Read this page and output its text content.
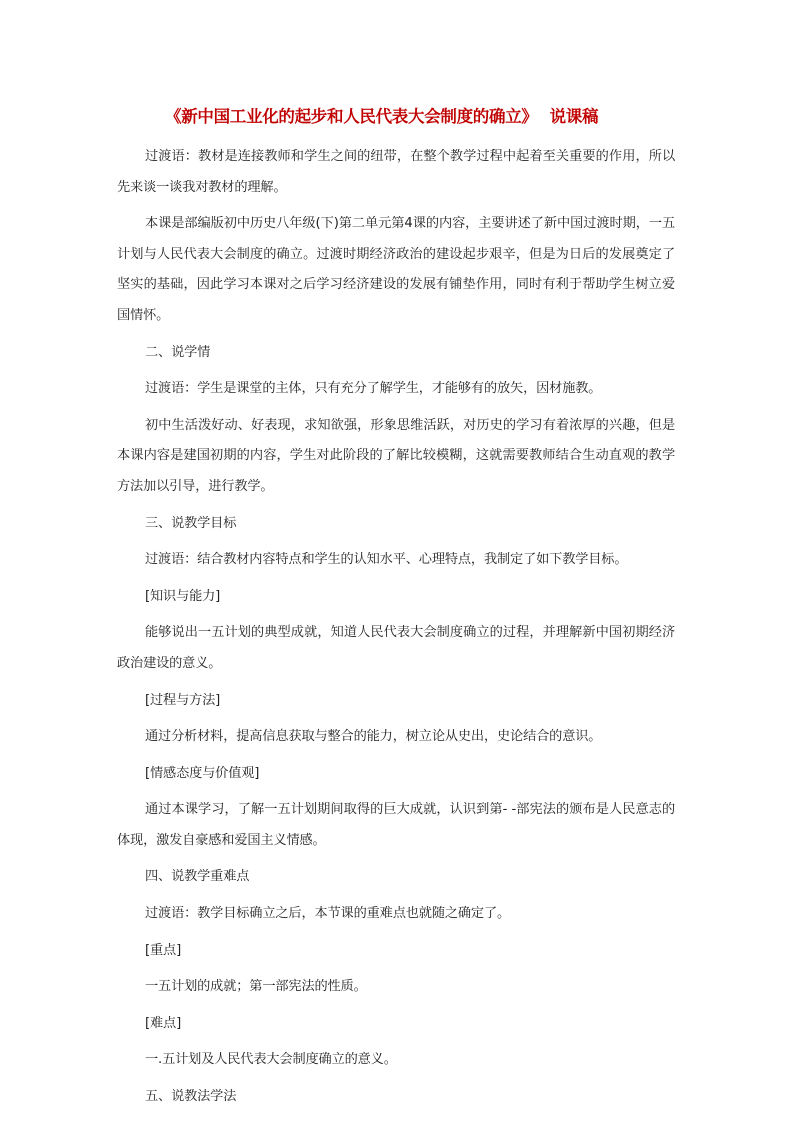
《新中国工业化的起步和人民代表大会制度的确立》 说课稿

过渡语：教材是连接教师和学生之间的纽带，在整个教学过程中起着至关重要的作用，所以先来谈一谈我对教材的理解。

本课是部编版初中历史八年级(下)第二单元第4课的内容，主要讲述了新中国过渡时期，一五计划与人民代表大会制度的确立。过渡时期经济政治的建设起步艰辛，但是为日后的发展奠定了坚实的基础，因此学习本课对之后学习经济建设的发展有铺垫作用，同时有利于帮助学生树立爱国情怀。

二、说学情

过渡语：学生是课堂的主体，只有充分了解学生，才能够有的放矢，因材施教。

初中生活泼好动、好表现，求知欲强，形象思维活跃，对历史的学习有着浓厚的兴趣，但是本课内容是建国初期的内容，学生对此阶段的了解比较模糊，这就需要教师结合生动直观的教学方法加以引导，进行教学。

三、说教学目标

过渡语：结合教材内容特点和学生的认知水平、心理特点，我制定了如下教学目标。

[知识与能力]

能够说出一五计划的典型成就，知道人民代表大会制度确立的过程，并理解新中国初期经济政治建设的意义。

[过程与方法]

通过分析材料，提高信息获取与整合的能力，树立论从史出，史论结合的意识。

[情感态度与价值观]

通过本课学习，了解一五计划期间取得的巨大成就，认识到第- -部宪法的颁布是人民意志的体现，激发自豪感和爱国主义情感。

四、说教学重难点

过渡语：教学目标确立之后，本节课的重难点也就随之确定了。

[重点]

一五计划的成就；第一部宪法的性质。

[难点]

一.五计划及人民代表大会制度确立的意义。

五、说教法学法
